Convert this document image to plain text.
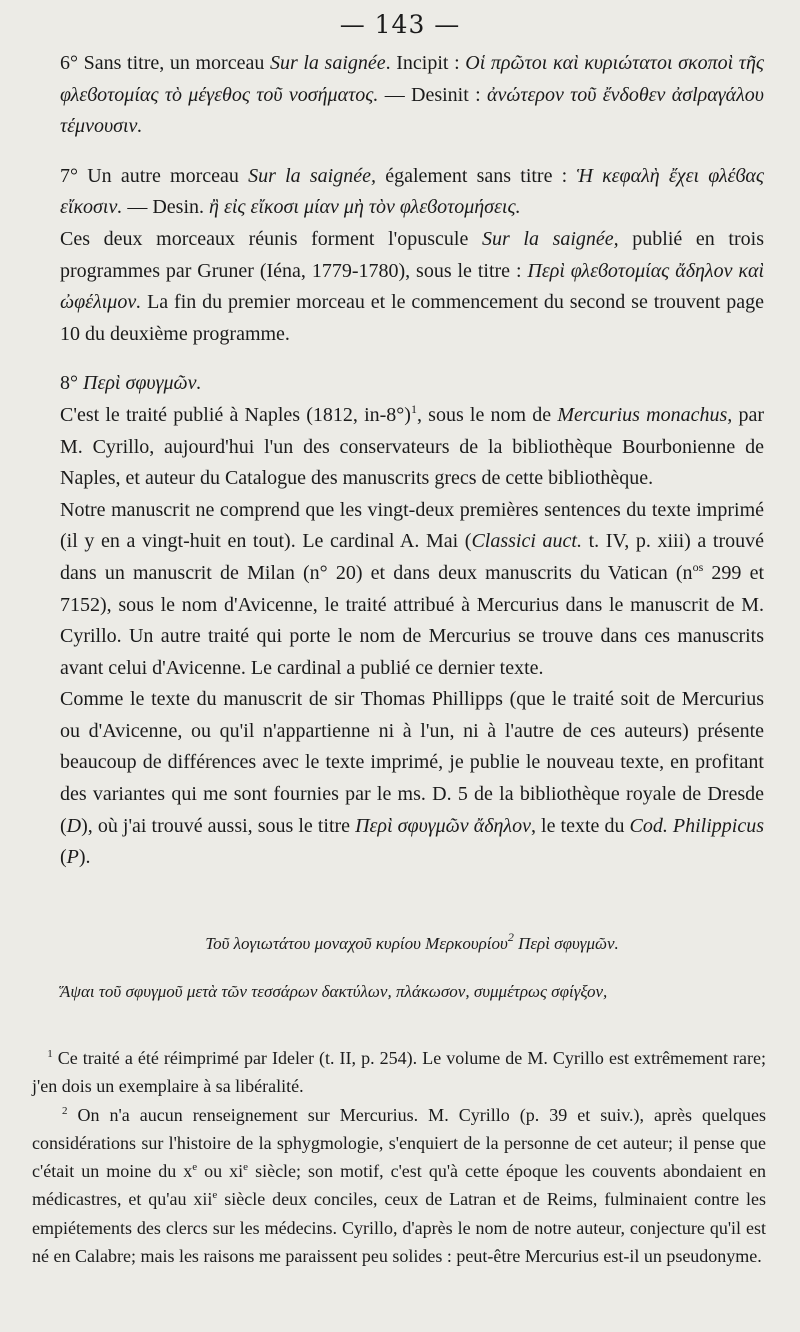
— 143 —

6° Sans titre, un morceau Sur la saignée. Incipit : Οἱ πρῶτοι καὶ κυριώτατοι σκοποὶ τῆς φλεϐοτομίας τὸ μέγεθος τοῦ νοσήματος. — Desinit : ἀνώτερον τοῦ ἔνδοθεν ἀσlραγάλου τέμνουσιν.

7° Un autre morceau Sur la saignée, également sans titre : Ἡ κεφαλὴ ἔχει φλέϐας εἴκοσιν. — Desin. ἢ εἰς εἴκοσι μίαν μὴ τὸν φλεϐοτομήσεις.

Ces deux morceaux réunis forment l'opuscule Sur la saignée, publié en trois programmes par Gruner (Iéna, 1779-1780), sous le titre : Περὶ φλεϐοτομίας ἄδηλον καὶ ὠφέλιμον. La fin du premier morceau et le commencement du second se trouvent page 10 du deuxième programme.

8° Περὶ σφυγμῶν.

C'est le traité publié à Naples (1812, in-8°)$^1$, sous le nom de Mercurius monachus, par M. Cyrillo, aujourd'hui l'un des conservateurs de la bibliothèque Bourbonienne de Naples, et auteur du Catalogue des manuscrits grecs de cette bibliothèque.

Notre manuscrit ne comprend que les vingt-deux premières sentences du texte imprimé (il y en a vingt-huit en tout). Le cardinal A. Mai (Classici auct. t. IV, p. xiii) a trouvé dans un manuscrit de Milan (n° 20) et dans deux manuscrits du Vatican ($n^{os}$ 299 et 7152), sous le nom d'Avicenne, le traité attribué à Mercurius dans le manuscrit de M. Cyrillo. Un autre traité qui porte le nom de Mercurius se trouve dans ces manuscrits avant celui d'Avicenne. Le cardinal a publié ce dernier texte.

Comme le texte du manuscrit de sir Thomas Phillipps (que le traité soit de Mercurius ou d'Avicenne, ou qu'il n'appartienne ni à l'un, ni à l'autre de ces auteurs) présente beaucoup de différences avec le texte imprimé, je publie le nouveau texte, en profitant des variantes qui me sont fournies par le ms. D. 5 de la bibliothèque royale de Dresde (D), où j'ai trouvé aussi, sous le titre Περὶ σφυγμῶν ἄδηλον, le texte du Cod. Philippicus (P).

Τοῦ λογιωτάτου μοναχοῦ κυρίου Μερκουρίου$^2$ Περὶ σφυγμῶν.
Ἅψαι τοῦ σφυγμοῦ μετὰ τῶν τεσσάρων δακτύλων, πλάκωσον, συμμέτρως σφίγξον,

$^1$ Ce traité a été réimprimé par Ideler (t. II, p. 254). Le volume de M. Cyrillo est extrêmement rare; j'en dois un exemplaire à sa libéralité.

$^2$ On n'a aucun renseignement sur Mercurius. M. Cyrillo (p. 39 et suiv.), après quelques considérations sur l'histoire de la sphygmologie, s'enquiert de la personne de cet auteur; il pense que c'était un moine du x$^e$ ou xi$^e$ siècle; son motif, c'est qu'à cette époque les couvents abondaient en médicastres, et qu'au xii$^e$ siècle deux conciles, ceux de Latran et de Reims, fulminaient contre les empiétements des clercs sur les médecins. Cyrillo, d'après le nom de notre auteur, conjecture qu'il est né en Calabre; mais les raisons me paraissent peu solides : peut-être Mercurius est-il un pseudonyme.
